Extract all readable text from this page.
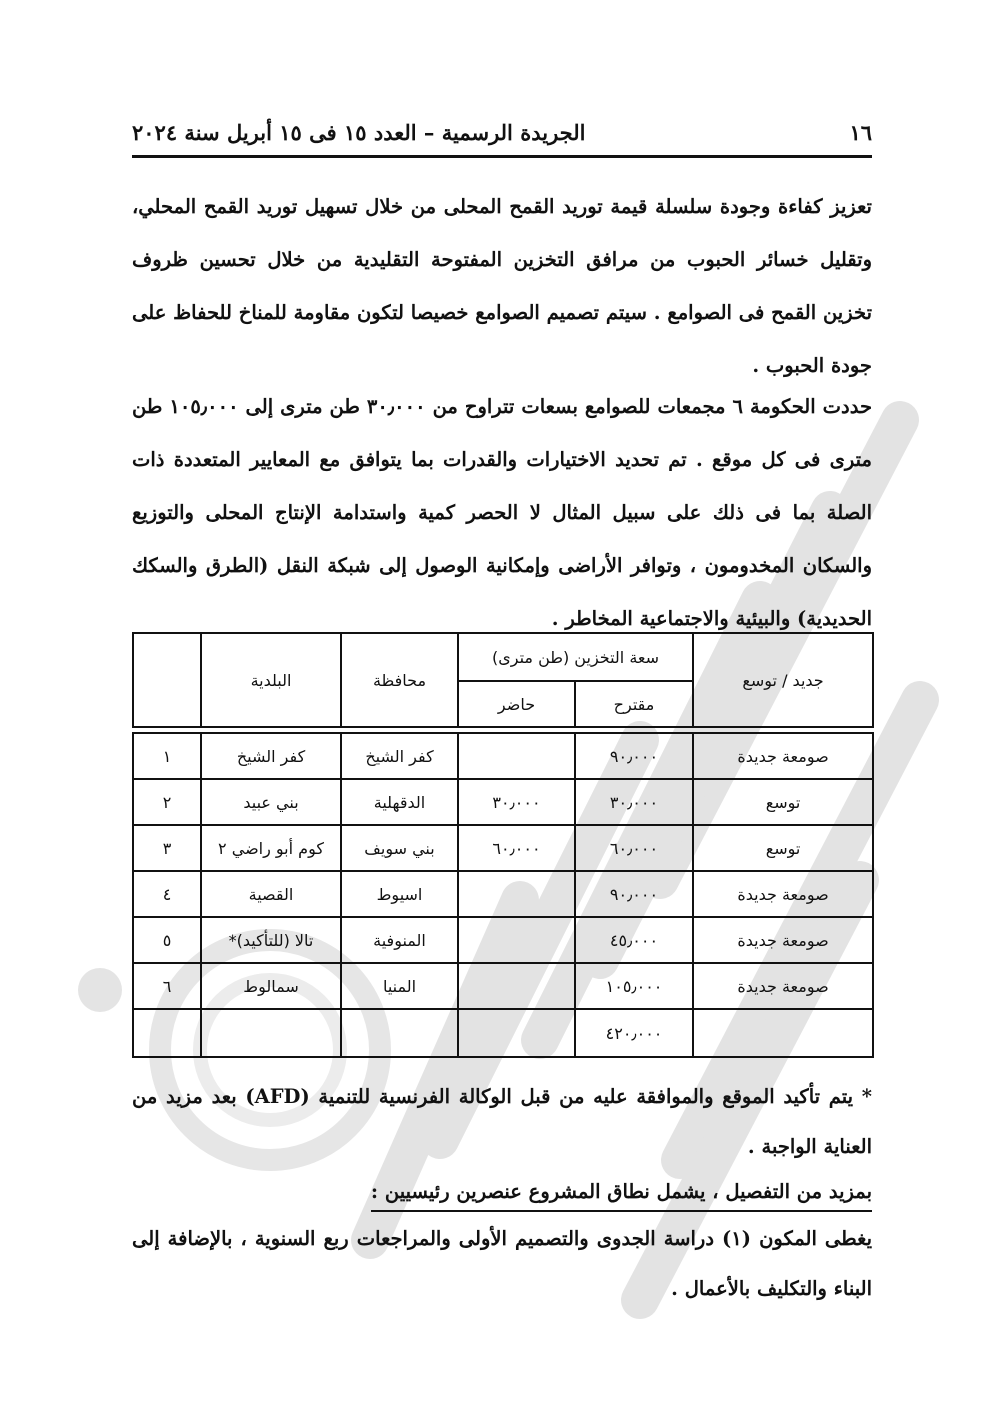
١٦
الجريدة الرسمية – العدد ١٥ فى ١٥ أبريل سنة ٢٠٢٤

تعزيز كفاءة وجودة سلسلة قيمة توريد القمح المحلى من خلال تسهيل توريد القمح المحلي، وتقليل خسائر الحبوب من مرافق التخزين المفتوحة التقليدية من خلال تحسين ظروف تخزين القمح فى الصوامع . سيتم تصميم الصوامع خصيصا لتكون مقاومة للمناخ للحفاظ على جودة الحبوب .

حددت الحكومة ٦ مجمعات للصوامع بسعات تتراوح من ٣٠٫٠٠٠ طن مترى إلى ١٠٥٫٠٠٠ طن مترى فى كل موقع . تم تحديد الاختيارات والقدرات بما يتوافق مع المعايير المتعددة ذات الصلة بما فى ذلك على سبيل المثال لا الحصر كمية واستدامة الإنتاج المحلى والتوزيع والسكان المخدومون ، وتوافر الأراضى وإمكانية الوصول إلى شبكة النقل (الطرق والسكك الحديدية) والبيئية والاجتماعية المخاطر .

	البلدية	محافظة	سعة التخزين (طن مترى)		جديد / توسع
			حاضر	مقترح	

١	كفر الشيخ	كفر الشيخ		٩٠٫٠٠٠	صومعة جديدة
٢	بني عبيد	الدقهلية	٣٠٫٠٠٠	٣٠٫٠٠٠	توسع
٣	كوم أبو راضي ٢	بني سويف	٦٠٫٠٠٠	٦٠٫٠٠٠	توسع
٤	القصية	اسيوط		٩٠٫٠٠٠	صومعة جديدة
٥	تالا (للتأكيد)*	المنوفية		٤٥٫٠٠٠	صومعة جديدة
٦	سمالوط	المنيا		١٠٥٫٠٠٠	صومعة جديدة
				٤٢٠٫٠٠٠	

* يتم تأكيد الموقع والموافقة عليه من قبل الوكالة الفرنسية للتنمية (AFD) بعد مزيد من العناية الواجبة .

بمزيد من التفصيل ، يشمل نطاق المشروع عنصرين رئيسيين :

يغطى المكون (١) دراسة الجدوى والتصميم الأولى والمراجعات ربع السنوية ، بالإضافة إلى البناء والتكليف بالأعمال .
